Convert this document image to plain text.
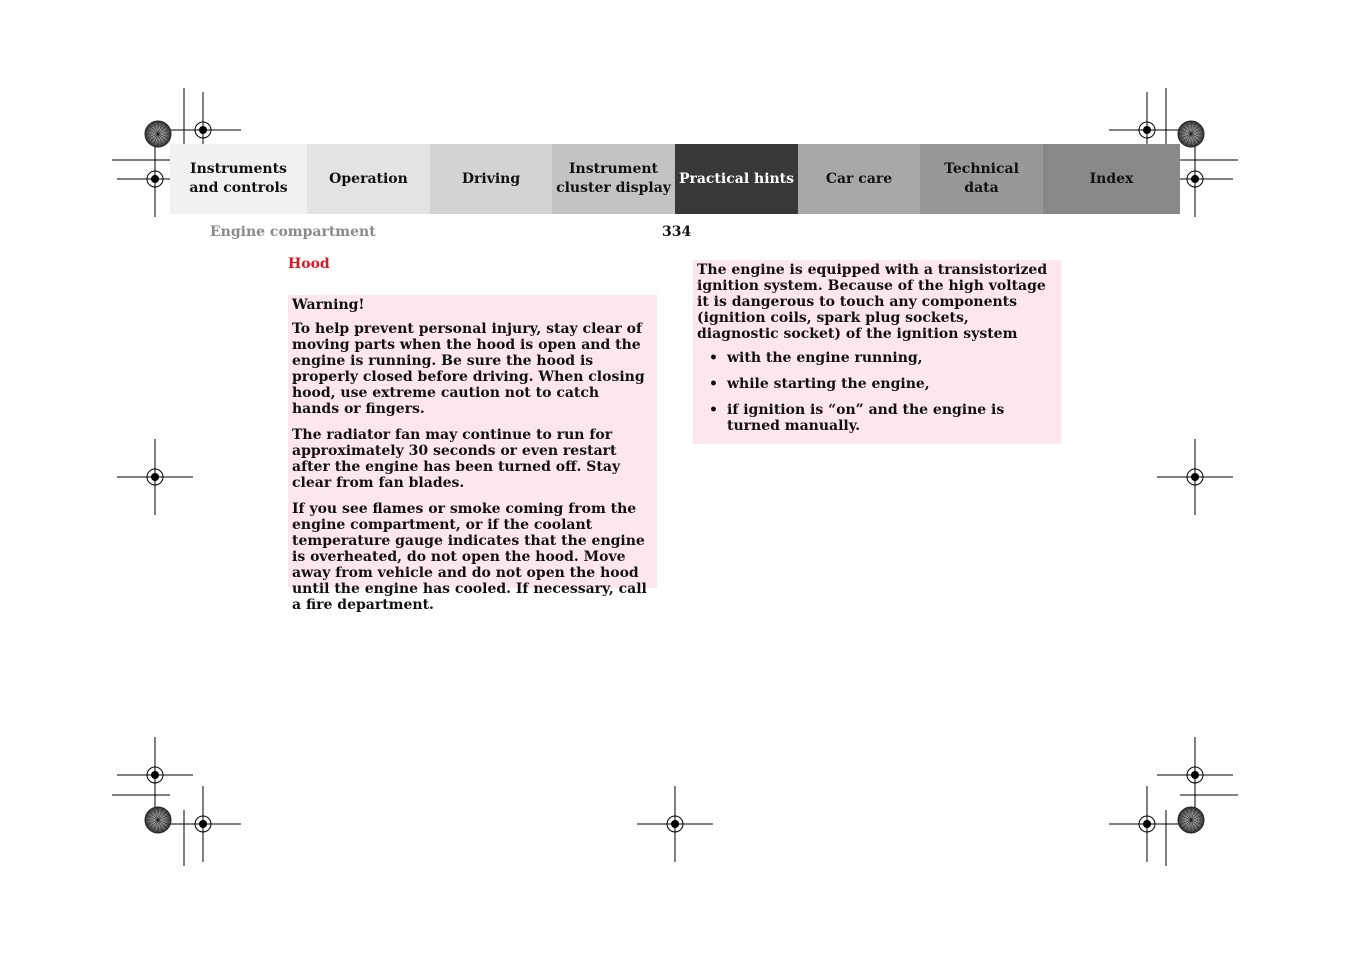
Instruments
and controls
Operation	Driving
Instrument
cluster display
Practical hints Car care
Technical
data
Index
Engine compartment	334
Hood

Warning!

To help prevent personal injury, stay clear of moving parts when the hood is open and the engine is running. Be sure the hood is properly closed before driving. When closing hood, use extreme caution not to catch hands or fingers.

The radiator fan may continue to run for approximately 30 seconds or even restart after the engine has been turned off. Stay clear from fan blades.

If you see flames or smoke coming from the engine compartment, or if the coolant temperature gauge indicates that the engine is overheated, do not open the hood. Move away from vehicle and do not open the hood until the engine has cooled. If necessary, call a fire department.

The engine is equipped with a transistorized ignition system. Because of the high voltage it is dangerous to touch any components (ignition coils, spark plug sockets, diagnostic socket) of the ignition system

• with the engine running,
• while starting the engine,
• if ignition is “on” and the engine is turned manually.
